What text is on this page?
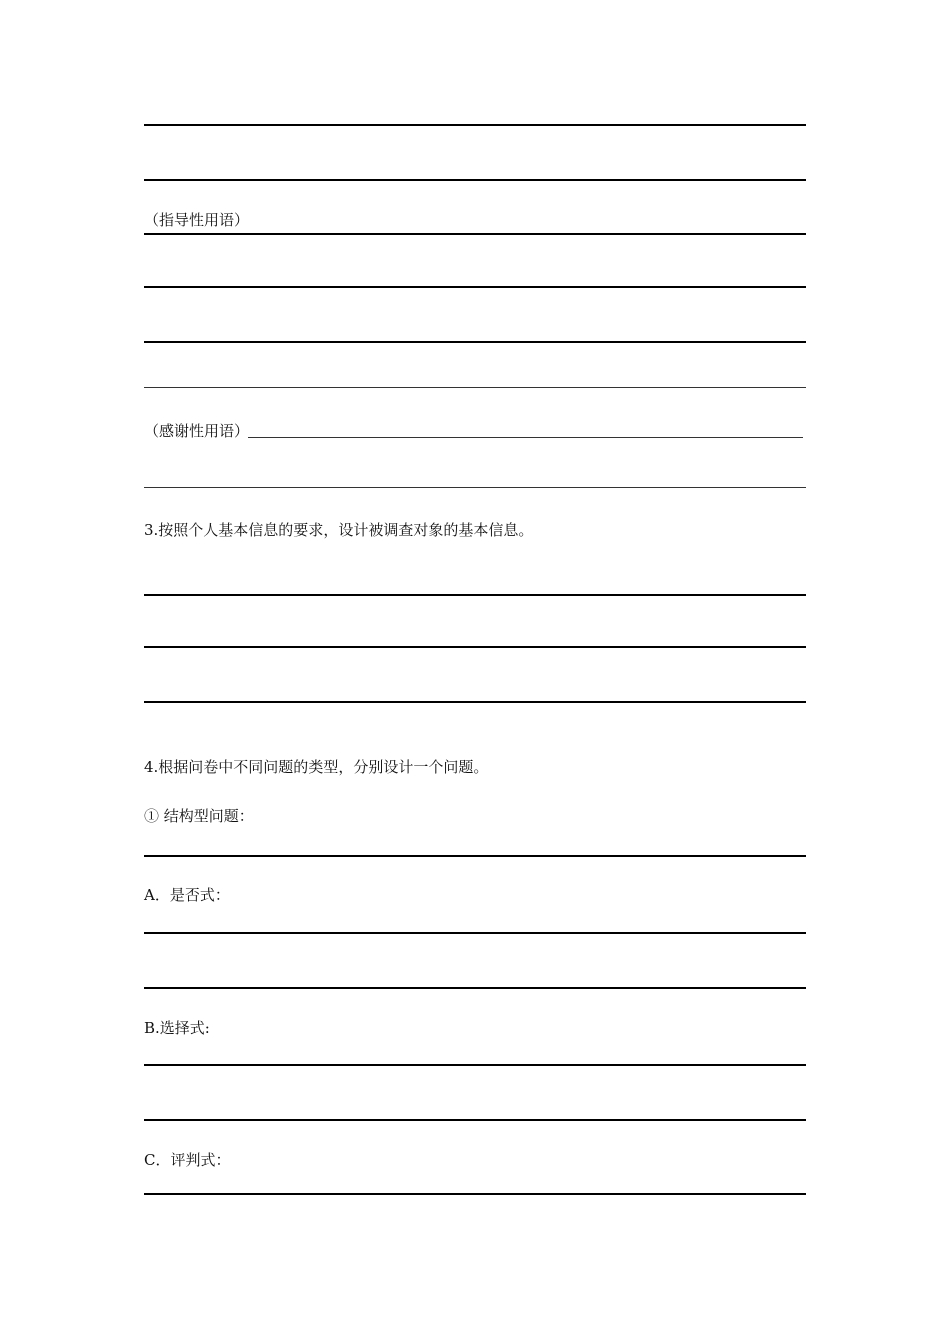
（指导性用语）
（感谢性用语）
3.按照个人基本信息的要求，设计被调查对象的基本信息。
4.根据问卷中不同问题的类型，分别设计一个问题。
① 结构型问题：
A．是否式：
B.选择式:
C．评判式：
